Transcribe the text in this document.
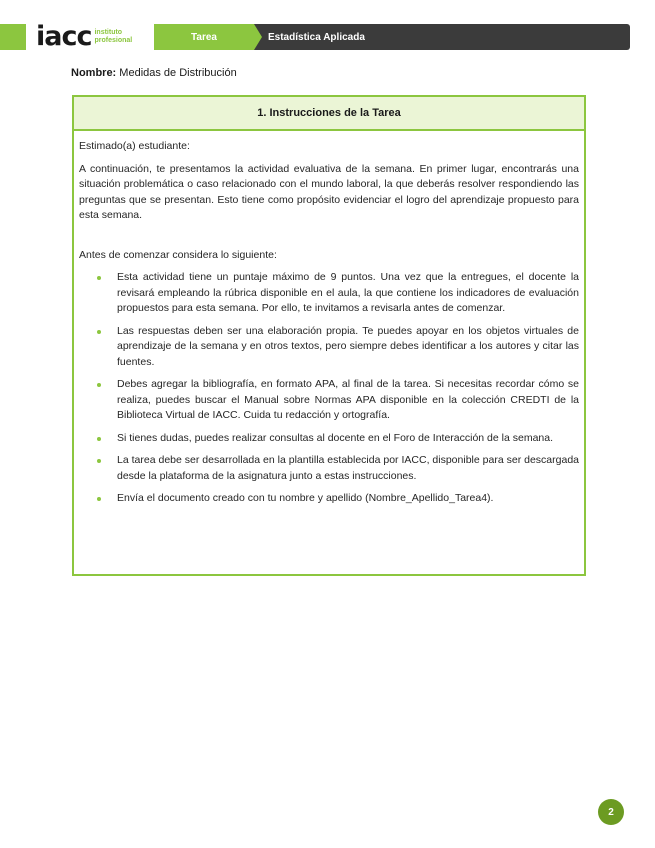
iacc instituto
profesional	Tarea	Estadística Aplicada
Nombre: Medidas de Distribución
1. Instrucciones de la Tarea

Estimado(a) estudiante:

A continuación, te presentamos la actividad evaluativa de la semana. En primer lugar, encontrarás una situación problemática o caso relacionado con el mundo laboral, la que deberás resolver respondiendo las preguntas que se presentan. Esto tiene como propósito evidenciar el logro del aprendizaje propuesto para esta semana.

Antes de comenzar considera lo siguiente:

Esta actividad tiene un puntaje máximo de 9 puntos. Una vez que la entregues, el docente la revisará empleando la rúbrica disponible en el aula, la que contiene los indicadores de evaluación propuestos para esta semana. Por ello, te invitamos a revisarla antes de comenzar.
Las respuestas deben ser una elaboración propia. Te puedes apoyar en los objetos virtuales de aprendizaje de la semana y en otros textos, pero siempre debes identificar a los autores y citar las fuentes.
Debes agregar la bibliografía, en formato APA, al final de la tarea. Si necesitas recordar cómo se realiza, puedes buscar el Manual sobre Normas APA disponible en la colección CREDTI de la Biblioteca Virtual de IACC. Cuida tu redacción y ortografía.
Si tienes dudas, puedes realizar consultas al docente en el Foro de Interacción de la semana.
La tarea debe ser desarrollada en la plantilla establecida por IACC, disponible para ser descargada desde la plataforma de la asignatura junto a estas instrucciones.
Envía el documento creado con tu nombre y apellido (Nombre_Apellido_Tarea4).
2
